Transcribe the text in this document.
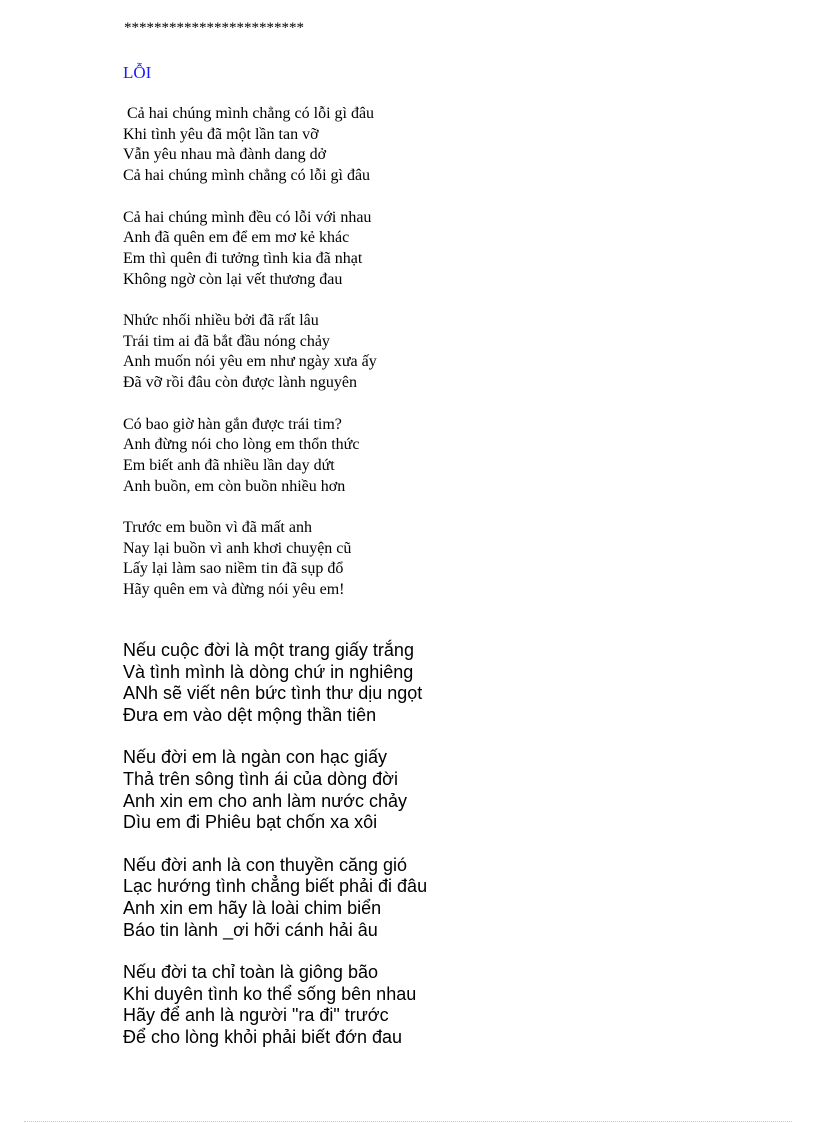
************************
LỖI
Cả hai chúng mình chẳng có lỗi gì đâu
Khi tình yêu đã một lần tan vỡ
Vẫn yêu nhau mà đành dang dở
Cả hai chúng mình chẳng có lỗi gì đâu
Cả hai chúng mình đều có lỗi với nhau
Anh đã quên em để em mơ kẻ khác
Em thì quên đi tưởng tình kia đã nhạt
Không ngờ còn lại vết thương đau
Nhức nhối nhiều bởi đã rất lâu
Trái tim ai đã bắt đầu nóng chảy
Anh muốn nói yêu em như ngày xưa ấy
Đã vỡ rồi đâu còn được lành nguyên
Có bao giờ hàn gắn được trái tim?
Anh đừng nói cho lòng em thổn thức
Em biết anh đã nhiều lần day dứt
Anh buồn, em còn buồn nhiều hơn
Trước em buồn vì đã mất anh
Nay lại buồn vì anh khơi chuyện cũ
Lấy lại làm sao niềm tin đã sụp đổ
Hãy quên em và đừng nói yêu em!
Nếu cuộc đời là một trang giấy trắng
Và tình mình là dòng chứ in nghiêng
ANh sẽ viết nên bức tình thư dịu ngọt
Đưa em vào dệt mộng thần tiên
Nếu đời em là ngàn con hạc giấy
Thả trên sông tình ái của dòng đời
Anh xin em cho anh làm nước chảy
Dìu em đi Phiêu bạt chốn xa xôi
Nếu đời anh là con thuyền căng gió
Lạc hướng tình chẳng biết phải đi đâu
Anh xin em hãy là loài chim biển
Báo tin lành _ơi hỡi cánh hải âu
Nếu đời ta chỉ toàn là giông bão
Khi duyên tình ko thể sống bên nhau
Hãy để anh là người "ra đi" trước
Để cho lòng khỏi phải biết đớn đau
